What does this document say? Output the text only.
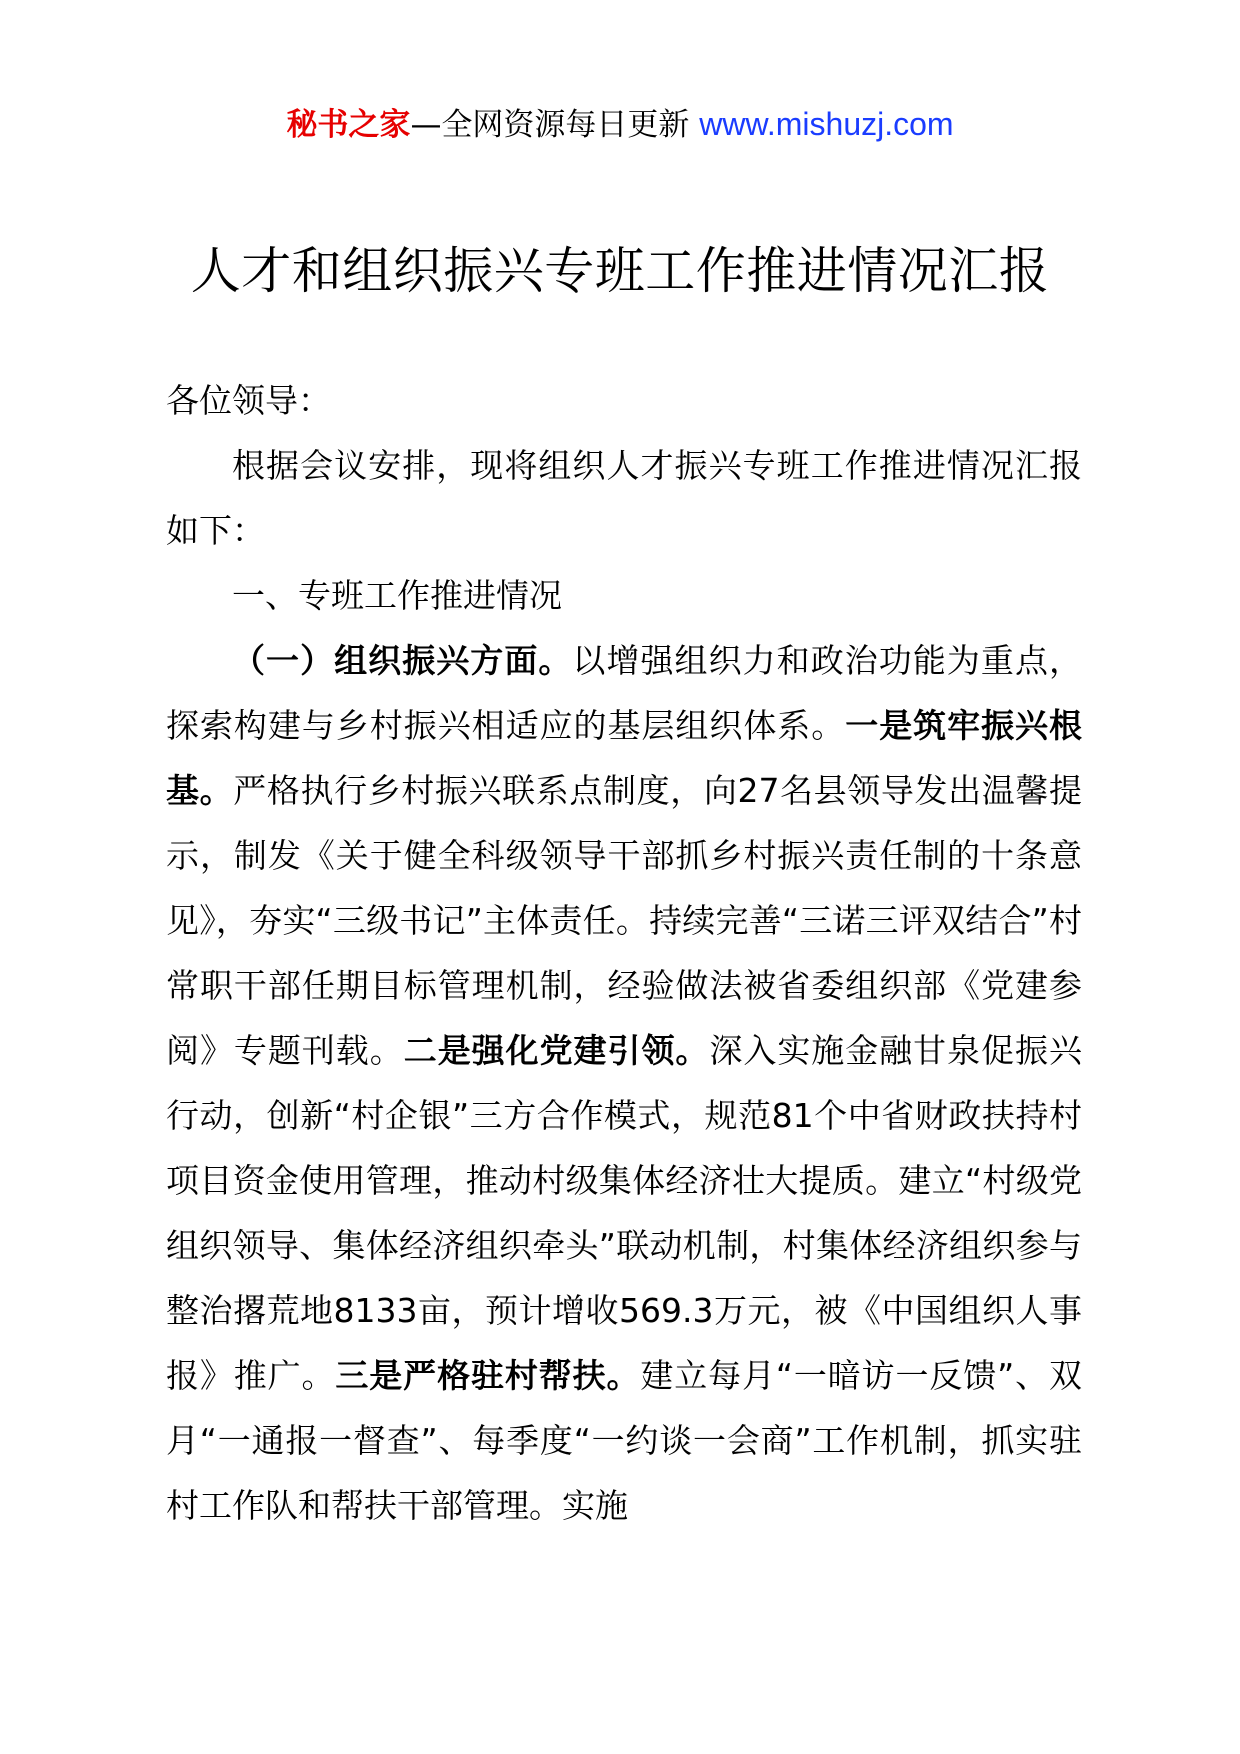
秘书之家—全网资源每日更新 www.mishuzj.com
人才和组织振兴专班工作推进情况汇报

各位领导：

根据会议安排，现将组织人才振兴专班工作推进情况汇报如下：

一、专班工作推进情况

（一）组织振兴方面。以增强组织力和政治功能为重点，探索构建与乡村振兴相适应的基层组织体系。一是筑牢振兴根基。严格执行乡村振兴联系点制度，向27名县领导发出温馨提示，制发《关于健全科级领导干部抓乡村振兴责任制的十条意见》，夯实“三级书记”主体责任。持续完善“三诺三评双结合”村常职干部任期目标管理机制，经验做法被省委组织部《党建参阅》专题刊载。二是强化党建引领。深入实施金融甘泉促振兴行动，创新“村企银”三方合作模式，规范81个中省财政扶持村项目资金使用管理，推动村级集体经济壮大提质。建立“村级党组织领导、集体经济组织牵头”联动机制，村集体经济组织参与整治撂荒地8133亩，预计增收569.3万元，被《中国组织人事报》推广。三是严格驻村帮扶。建立每月“一暗访一反馈”、双月“一通报一督查”、每季度“一约谈一会商”工作机制，抓实驻村工作队和帮扶干部管理。实施
